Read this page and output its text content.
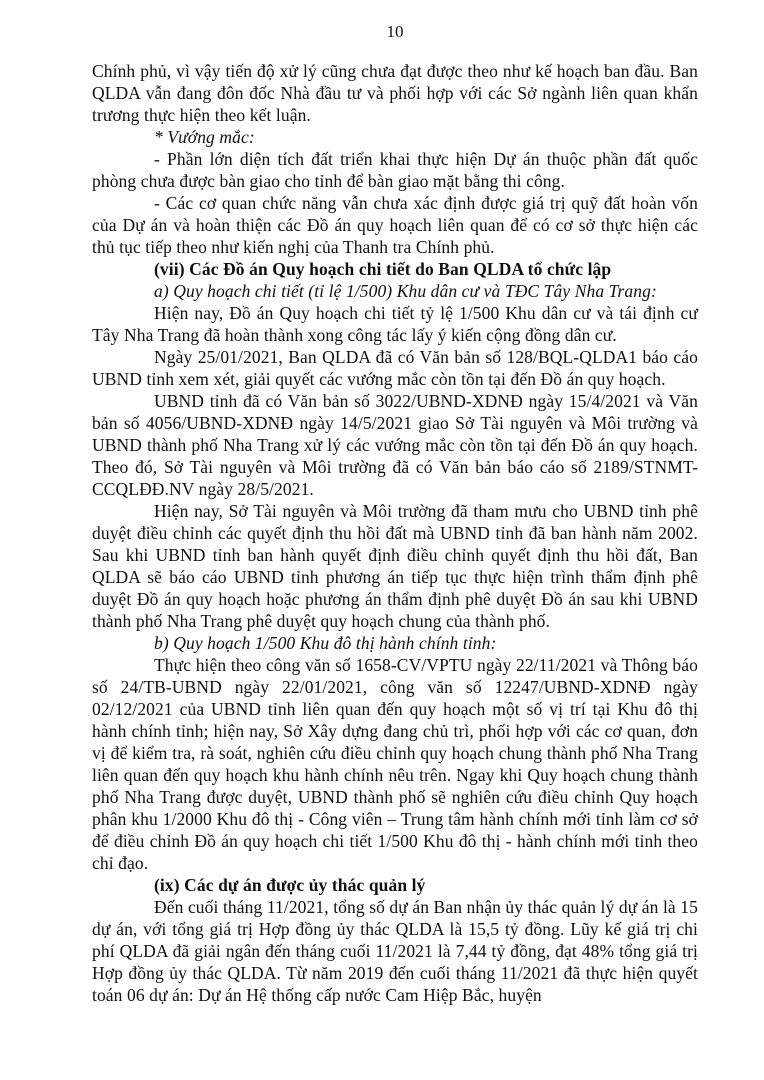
10

Chính phủ, vì vậy tiến độ xử lý cũng chưa đạt được theo như kế hoạch ban đầu. Ban QLDA vẫn đang đôn đốc Nhà đầu tư và phối hợp với các Sở ngành liên quan khẩn trương thực hiện theo kết luận.

* Vướng mắc:

- Phần lớn diện tích đất triển khai thực hiện Dự án thuộc phần đất quốc phòng chưa được bàn giao cho tỉnh để bàn giao mặt bằng thi công.

- Các cơ quan chức năng vẫn chưa xác định được giá trị quỹ đất hoàn vốn của Dự án và hoàn thiện các Đồ án quy hoạch liên quan để có cơ sở thực hiện các thủ tục tiếp theo như kiến nghị của Thanh tra Chính phủ.

(vii) Các Đồ án Quy hoạch chi tiết do Ban QLDA tổ chức lập

a) Quy hoạch chi tiết (tỉ lệ 1/500) Khu dân cư và TĐC Tây Nha Trang:

Hiện nay, Đồ án Quy hoạch chi tiết tỷ lệ 1/500 Khu dân cư và tái định cư Tây Nha Trang đã hoàn thành xong công tác lấy ý kiến cộng đồng dân cư.

Ngày 25/01/2021, Ban QLDA đã có Văn bản số 128/BQL-QLDA1 báo cáo UBND tỉnh xem xét, giải quyết các vướng mắc còn tồn tại đến Đồ án quy hoạch.

UBND tỉnh đã có Văn bản số 3022/UBND-XDNĐ ngày 15/4/2021 và Văn bản số 4056/UBND-XDNĐ ngày 14/5/2021 giao Sở Tài nguyên và Môi trường và UBND thành phố Nha Trang xử lý các vướng mắc còn tồn tại đến Đồ án quy hoạch. Theo đó, Sở Tài nguyên và Môi trường đã có Văn bản báo cáo số 2189/STNMT-CCQLĐĐ.NV ngày 28/5/2021.

Hiện nay, Sở Tài nguyên và Môi trường đã tham mưu cho UBND tỉnh phê duyệt điều chỉnh các quyết định thu hồi đất mà UBND tỉnh đã ban hành năm 2002. Sau khi UBND tỉnh ban hành quyết định điều chỉnh quyết định thu hồi đất, Ban QLDA sẽ báo cáo UBND tỉnh phương án tiếp tục thực hiện trình thẩm định phê duyệt Đồ án quy hoạch hoặc phương án thẩm định phê duyệt Đồ án sau khi UBND thành phố Nha Trang phê duyệt quy hoạch chung của thành phố.

b) Quy hoạch 1/500 Khu đô thị hành chính tỉnh:

Thực hiện theo công văn số 1658-CV/VPTU ngày 22/11/2021 và Thông báo số 24/TB-UBND ngày 22/01/2021, công văn số 12247/UBND-XDNĐ ngày 02/12/2021 của UBND tỉnh liên quan đến quy hoạch một số vị trí tại Khu đô thị hành chính tỉnh; hiện nay, Sở Xây dựng đang chủ trì, phối hợp với các cơ quan, đơn vị để kiểm tra, rà soát, nghiên cứu điều chỉnh quy hoạch chung thành phố Nha Trang liên quan đến quy hoạch khu hành chính nêu trên. Ngay khi Quy hoạch chung thành phố Nha Trang được duyệt, UBND thành phố sẽ nghiên cứu điều chỉnh Quy hoạch phân khu 1/2000 Khu đô thị - Công viên – Trung tâm hành chính mới tỉnh làm cơ sở để điều chỉnh Đồ án quy hoạch chi tiết 1/500 Khu đô thị - hành chính mới tỉnh theo chỉ đạo.

(ix) Các dự án được ủy thác quản lý

Đến cuối tháng 11/2021, tổng số dự án Ban nhận ủy thác quản lý dự án là 15 dự án, với tổng giá trị Hợp đồng ủy thác QLDA là 15,5 tỷ đồng. Lũy kế giá trị chi phí QLDA đã giải ngân đến tháng cuối 11/2021 là 7,44 tỷ đồng, đạt 48% tổng giá trị Hợp đồng ủy thác QLDA. Từ năm 2019 đến cuối tháng 11/2021 đã thực hiện quyết toán 06 dự án: Dự án Hệ thống cấp nước Cam Hiệp Bắc, huyện
